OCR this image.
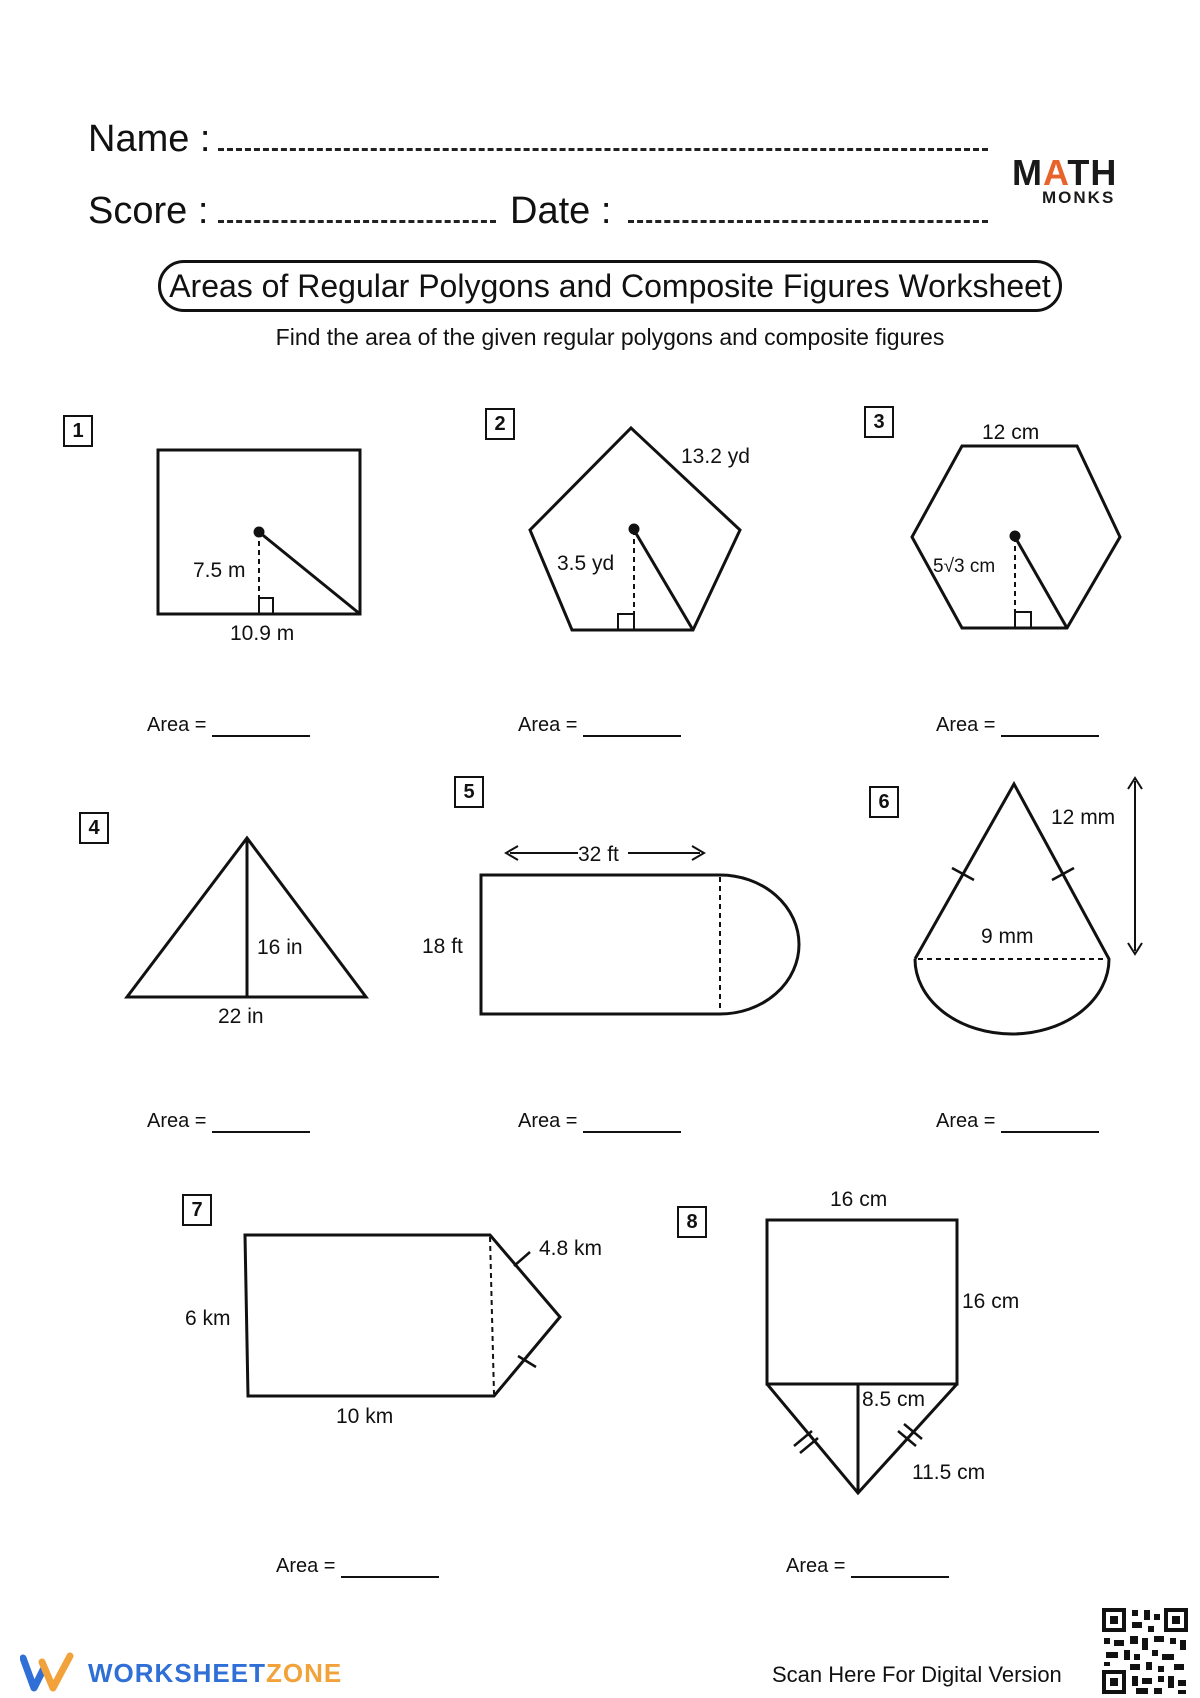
Name :
Score :	Date :
MATH
MONKS
Areas of Regular Polygons and Composite Figures Worksheet
Find the area of the given regular polygons and composite figures
1	2	3
4
5	6
7
8
7.5 m
10.9 m
13.2 yd
3.5 yd
12 cm
5√3 cm
16 in
22 in
32 ft
18 ft
12 mm
9 mm
6 km
10 km
4.8 km
16 cm
16 cm
8.5 cm
11.5 cm
Area =	Area =	Area =
Area =	Area =	Area =
Area =	Area =
WORKSHEET ZONE	Scan Here For Digital Version
